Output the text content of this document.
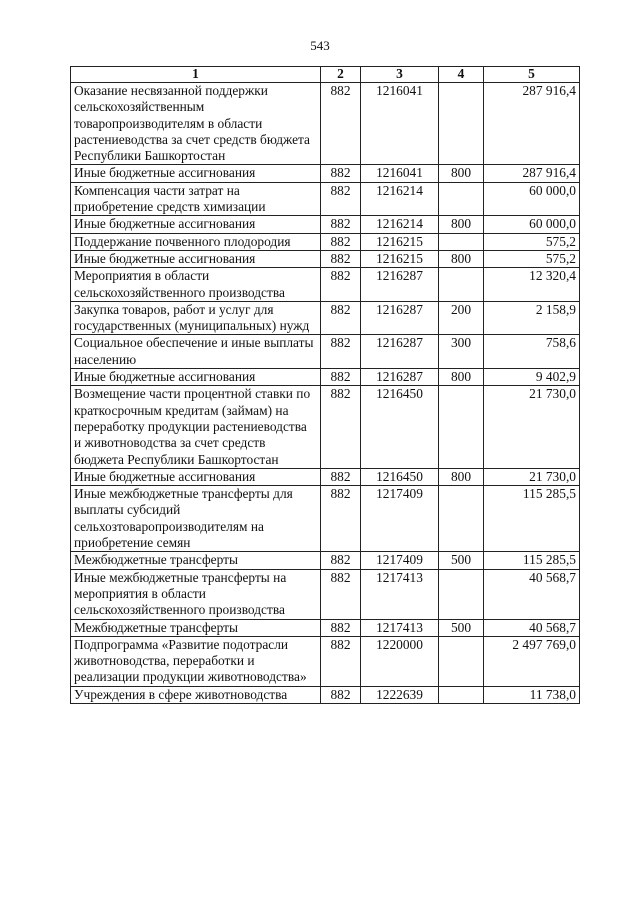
543
1	2	3	4	5
Оказание несвязанной поддержки сельскохозяйственным товаропроизводителям в области растениеводства за счет средств бюджета Республики Башкортостан	882	1216041		287 916,4
Иные бюджетные ассигнования	882	1216041	800	287 916,4
Компенсация части затрат на приобретение средств химизации	882	1216214		60 000,0
Иные бюджетные ассигнования	882	1216214	800	60 000,0
Поддержание почвенного плодородия	882	1216215		575,2
Иные бюджетные ассигнования	882	1216215	800	575,2
Мероприятия в области сельскохозяйственного производства	882	1216287		12 320,4
Закупка товаров, работ и услуг для государственных (муниципальных) нужд	882	1216287	200	2 158,9
Социальное обеспечение и иные выплаты населению	882	1216287	300	758,6
Иные бюджетные ассигнования	882	1216287	800	9 402,9
Возмещение части процентной ставки по краткосрочным кредитам (займам) на переработку продукции растениеводства и животноводства за счет средств бюджета Республики Башкортостан	882	1216450		21 730,0
Иные бюджетные ассигнования	882	1216450	800	21 730,0
Иные межбюджетные трансферты для выплаты субсидий сельхозтоваропроизводителям на приобретение семян	882	1217409		115 285,5
Межбюджетные трансферты	882	1217409	500	115 285,5
Иные межбюджетные трансферты на мероприятия в области сельскохозяйственного производства	882	1217413		40 568,7
Межбюджетные трансферты	882	1217413	500	40 568,7
Подпрограмма «Развитие подотрасли животноводства, переработки и реализации продукции животноводства»	882	1220000		2 497 769,0
Учреждения в сфере животноводства	882	1222639		11 738,0
